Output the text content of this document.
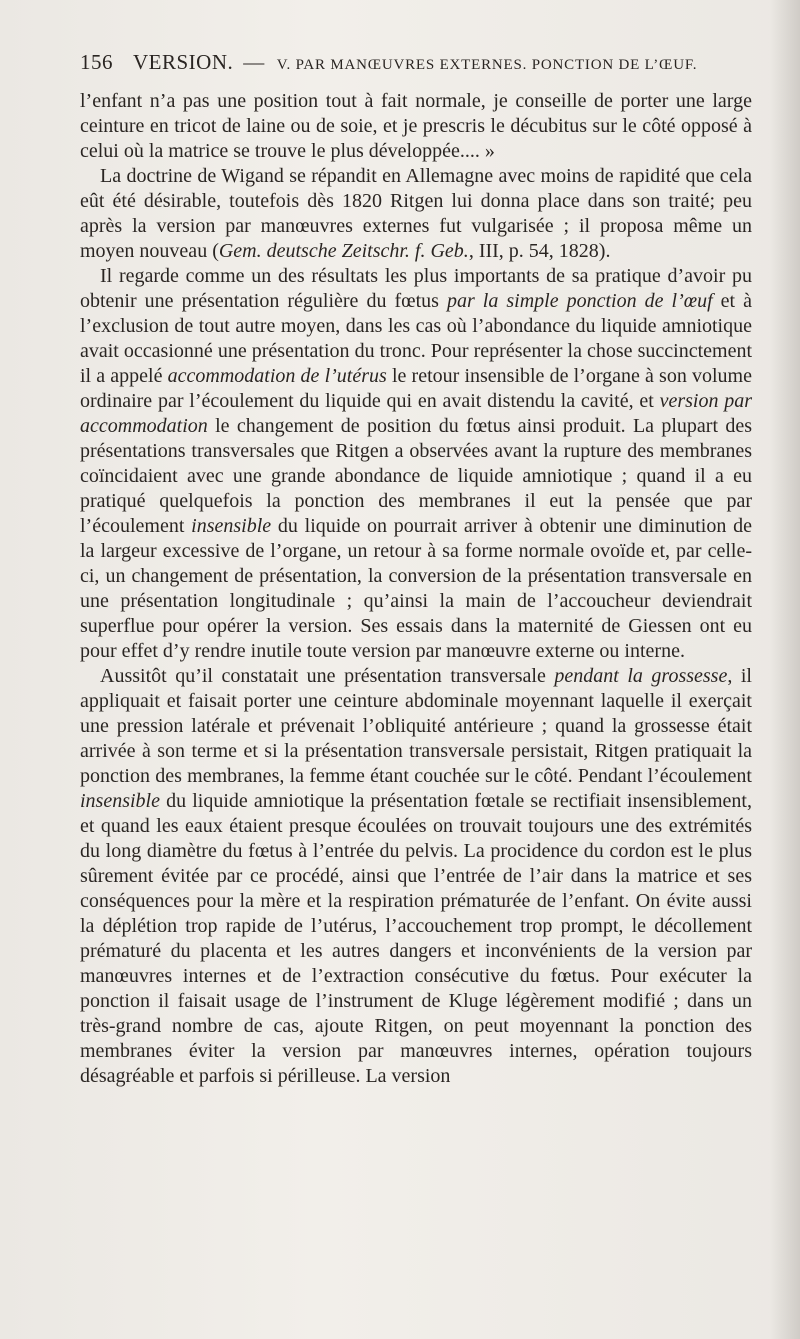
156 VERSION. — V. PAR MANŒUVRES EXTERNES. PONCTION DE L’ŒUF.

l’enfant n’a pas une position tout à fait normale, je conseille de porter une large ceinture en tricot de laine ou de soie, et je prescris le décubitus sur le côté opposé à celui où la matrice se trouve le plus développée.... »

La doctrine de Wigand se répandit en Allemagne avec moins de rapidité que cela eût été désirable, toutefois dès 1820 Ritgen lui donna place dans son traité; peu après la version par manœuvres externes fut vulgarisée ; il proposa même un moyen nouveau (Gem. deutsche Zeitschr. f. Geb., III, p. 54, 1828).

Il regarde comme un des résultats les plus importants de sa pratique d’avoir pu obtenir une présentation régulière du fœtus par la simple ponction de l’œuf et à l’exclusion de tout autre moyen, dans les cas où l’abondance du liquide amniotique avait occasionné une présentation du tronc. Pour représenter la chose succinctement il a appelé accommodation de l’utérus le retour insensible de l’organe à son volume ordinaire par l’écoulement du liquide qui en avait distendu la cavité, et version par accommodation le changement de position du fœtus ainsi produit. La plupart des présentations transversales que Ritgen a observées avant la rupture des membranes coïncidaient avec une grande abondance de liquide amniotique ; quand il a eu pratiqué quelquefois la ponction des membranes il eut la pensée que par l’écoulement insensible du liquide on pourrait arriver à obtenir une diminution de la largeur excessive de l’organe, un retour à sa forme normale ovoïde et, par celle-ci, un changement de présentation, la conversion de la présentation transversale en une présentation longitudinale ; qu’ainsi la main de l’accoucheur deviendrait superflue pour opérer la version. Ses essais dans la maternité de Giessen ont eu pour effet d’y rendre inutile toute version par manœuvre externe ou interne.

Aussitôt qu’il constatait une présentation transversale pendant la grossesse, il appliquait et faisait porter une ceinture abdominale moyennant laquelle il exerçait une pression latérale et prévenait l’obliquité antérieure ; quand la grossesse était arrivée à son terme et si la présentation transversale persistait, Ritgen pratiquait la ponction des membranes, la femme étant couchée sur le côté. Pendant l’écoulement insensible du liquide amniotique la présentation fœtale se rectifiait insensiblement, et quand les eaux étaient presque écoulées on trouvait toujours une des extrémités du long diamètre du fœtus à l’entrée du pelvis. La procidence du cordon est le plus sûrement évitée par ce procédé, ainsi que l’entrée de l’air dans la matrice et ses conséquences pour la mère et la respiration prématurée de l’enfant. On évite aussi la déplétion trop rapide de l’utérus, l’accouchement trop prompt, le décollement prématuré du placenta et les autres dangers et inconvénients de la version par manœuvres internes et de l’extraction consécutive du fœtus. Pour exécuter la ponction il faisait usage de l’instrument de Kluge légèrement modifié ; dans un très-grand nombre de cas, ajoute Ritgen, on peut moyennant la ponction des membranes éviter la version par manœuvres internes, opération toujours désagréable et parfois si périlleuse. La version
